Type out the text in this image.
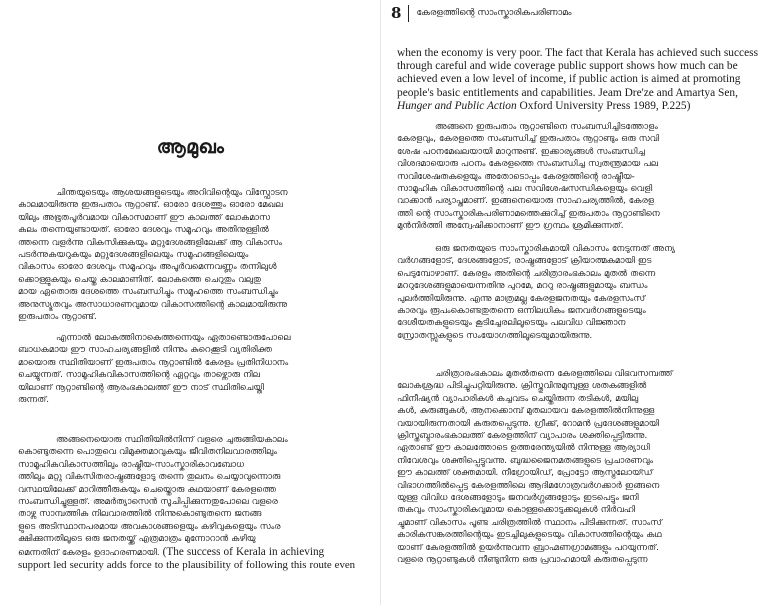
ആമുഖം
ചിന്തയുടെയും ആശയങ്ങളുടെയും അറിവിന്റെയും വിസ്ഫോടന
കാലമായിരുന്നു ഇരുപതാം നൂറ്റാണ്ട്. ഓരോ ദേശത്തും ഓരോ മേഖല
യിലും അഭൂതപൂർവമായ വികാസമാണ് ഈ കാലത്ത് ലോകമാസ
കലം തന്നെയുണ്ടായത്. ഓരോ ദേശവും സമൂഹവും അതിനുള്ളിൽ
ത്തന്നെ വളർന്നു വികസിക്കുകയും മറ്റുദേശങ്ങളിലേക്ക് ആ വികാസം
പടർന്നുകയറുകയും മറ്റുദേശങ്ങളിലെയും സമൂഹങ്ങളിലെയും
വികാസം ഓരോ ദേശവും സമൂഹവും അപൂർവമെന്നവണ്ണം തന്നിലുൾ
ക്കൊള്ളുകയും ചെയ്ത കാലമാണിത്. ലോകത്തെ ചെറുതും വലുതു
മായ ഏതൊരു ദേശത്തെ സംബന്ധിച്ചും സമൂഹത്തെ സംബന്ധിച്ചും
അനുസ്യൂതവും അസാധാരണവുമായ വികാസത്തിന്റെ കാലമായിരുന്നു
ഇരുപതാം നൂറ്റാണ്ട്.
എന്നാൽ ലോകത്തിനാകെത്തന്നെയും ഏതാണ്ടൊരുപോലെ
ബാധകമായ ഈ സാഹചര്യങ്ങളിൽ നിന്നും കുറെക്കൂടി വ്യതിരിക്ത
മായൊരു സ്ഥിതിയാണ് ഇരുപതാം നൂറ്റാണ്ടിൽ കേരളം പ്രതിനിധാനം
ചെയ്യുന്നത്. സാമൂഹികവികാസത്തിന്റെ ഏറ്റവും താഴ്ന്നൊരു നില
യിലാണ് നൂറ്റാണ്ടിന്റെ ആരംഭകാലത്ത് ഈ നാട് സ്ഥിതിചെയ്തി
രുന്നത്.
അങ്ങനെയൊരു സ്ഥിതിയിൽനിന്ന് വളരെ ചുരുങ്ങിയകാലം
കൊണ്ടുതന്നെ പൊതുവെ വിമുക്തമാവുകയും ജീവിതനിലവാരത്തിലും
സാമൂഹികവികാസത്തിലും രാഷ്ട്രീയ-സാംസ്കാരികാവബോധ
ത്തിലും മറ്റു വികസിതരാഷ്ട്രങ്ങളോടു തന്നെ തുലനം ചെയ്യാവുന്നൊരു
വസ്ഥയിലേക്ക് മാറിത്തീരുകയും ചെയ്തൊരു കഥയാണ് കേരളത്തെ
സംബന്ധിച്ചുള്ളത്. അമർത്യാസെൻ സൂചിപ്പിക്കുന്നതുപോലെ വളരെ
താഴ്ന്ന സാമ്പത്തിക നിലവാരത്തിൽ നിന്നുകൊണ്ടുതന്നെ ജനങ്ങ
ളുടെ അടിസ്ഥാനപരമായ അവകാശങ്ങളെയും കഴിവുകളെയും സംര
ക്ഷിക്കുന്നതിലൂടെ ഒരു ജനതയ്ക്ക് എത്രമാത്രം മുന്നോറാൻ കഴിയു
മെന്നതിന് കേരളം ഉദാഹരണമായി. (The success of Kerala in achieving
support led security adds force to the plausibility of following this route even
8 കേരളത്തിന്റെ സാംസ്കാരികപരിണാമം
when the economy is very poor. The fact that Kerala has achieved such success
through careful and wide coverage public support shows how much can be
achieved even a low level of income, if public action is aimed at promoting
people's basic entitlements and capabilities. Jeam Dre'ze and Amartya Sen,
Hunger and Public Action Oxford University Press 1989, P.225)
അങ്ങനെ ഇരുപതാം നൂറ്റാണ്ടിനെ സംബന്ധിച്ചിടത്തോളം
കേരളവും, കേരളത്തെ സംബന്ധിച്ച് ഇരുപതാം നൂറ്റാണ്ടും ഒരു സവി
ശേഷ പഠനമേഖലയായി മാറുന്നുണ്ട്. ഇക്കാര്യങ്ങൾ സംബന്ധിച്ച
വിശദമായൊരു പഠനം കേരളത്തെ സംബന്ധിച്ച സ്വതന്ത്രമായ പല
സവിശേഷതകളെയും അതോടൊപ്പം കേരളത്തിന്റെ രാഷ്ട്രീയ-
സാമൂഹിക വികാസത്തിന്റെ പല സവിശേഷസന്ധികളെയും വെളി
വാക്കാൻ പര്യാപ്തമാണ്. ഇങ്ങനെയൊരു സാഹചര്യത്തിൽ, കേരള
ത്തി ന്റെ സാംസ്കാരികപരിണാമത്തെക്കുറിച്ച് ഇരുപതാം നൂറ്റാണ്ടിനെ
മുൻനിർത്തി അന്വേഷിക്കാനാണ് ഈ ഗ്രന്ഥം ശ്രമിക്കുന്നത്.
ഒരു ജനതയുടെ സാംസ്കാരികമായി വികാസം നേടുന്നത് അന്യ
വർഗങ്ങളോട്, ദേശങ്ങളോട്, രാഷ്ട്രങ്ങളോട് ക്രിയാത്മകമായി ഇട
പെടുമ്പോഴാണ്. കേരളം അതിന്റെ ചരിത്രാരംഭകാലം മുതൽ തന്നെ
മററുദേശങ്ങളുമായെന്നതിനു പുറമേ, മററു രാഷ്ട്രങ്ങളുമായും ബന്ധം
പുലർത്തിയിരുന്നു. എന്നു മാത്രമല്ല കേരളജനതയും കേരളസംസ്
കാരവും രൂപംകൊണ്ടതുതന്നെ ഒന്നിലധികം ജനവർഗങ്ങളുടെയും
ദേശീയതകളുടെയും കൂടിച്ചേരലിലൂടെയും പലവിധ വിജ്ഞാന
സ്രോതസ്സുകളുടെ സംയോഗത്തിലൂടെയുമായിരുന്നു.
ചരിത്രാരംഭകാലം മുതൽതന്നെ കേരളത്തിലെ വിഭവസമ്പത്ത്
ലോകശ്രദ്ധ പിടിച്ചുപറ്റിയിരുന്നു. ക്രിസ്തുവിനുമുമ്പുള്ള ശതകങ്ങളിൽ
ഫിനീഷ്യൻ വ്യാപാരികൾ കച്ചവടം ചെയ്തിരുന്ന തടികൾ, മയിലു
കൾ, കുരുങ്ങുകൾ, ആനക്കൊമ്പ് മുതലായവ കേരളത്തിൽനിന്നുള്ള
വയായിരുന്നതായി കരുതപ്പെടുന്നു. ഗ്രീക്ക്, റോമൻ പ്രദേശങ്ങളുമായി
ക്രിസ്തബ്ദാരംഭകാലത്ത് കേരളത്തിന് വ്യാപാരം ശക്തിപ്പെട്ടിരുന്നു.
ഏതാണ്ട് ഈ കാലത്തോടെ ഉത്തരേന്ത്യയിൽ നിന്നുള്ള ആര്യാധി
നിവേശവും ശക്തിപ്പെട്ടുവന്നു. ബുദ്ധജൈനമതങ്ങളുടെ പ്രചാരണവും
ഈ കാലത്ത് ശക്തമായി. നീഗ്രോയിഡ്, പ്രോട്ടോ ആസ്ട്രലോയ്ഡ്
വിഭാഗത്തിൽപ്പെട്ട കേരളത്തിലെ ആദിമഗോത്രവർഗക്കാർ ഇങ്ങനെ
യുള്ള വിവിധ ദേശങ്ങളോടും ജനവർഗ്ഗങ്ങളോടും ഇടപെട്ടും ജനി
തകവും സാംസ്കാരികവുമായ കൊള്ളക്കൊടുക്കലുകൾ നിർവഹി
ച്ചുമാണ് വികാസം പൂണ്ട ചരിത്രത്തിൽ സ്ഥാനം പിടിക്കുന്നത്. സാംസ്
കാരികസങ്കരത്തിന്റെയും ഇടച്ചിലുകളുടെയും വികാസത്തിന്റെയും കഥ
യാണ് കേരളത്തിൽ ഉയർന്നുവന്ന ബ്രാഹ്മണഗ്രാമങ്ങളും പറയുന്നത്.
വളരെ നൂറ്റാണ്ടുകൾ നീണ്ടുനിന്ന ഒരു പ്രവാഹമായി കരുതപ്പെടുന്ന
